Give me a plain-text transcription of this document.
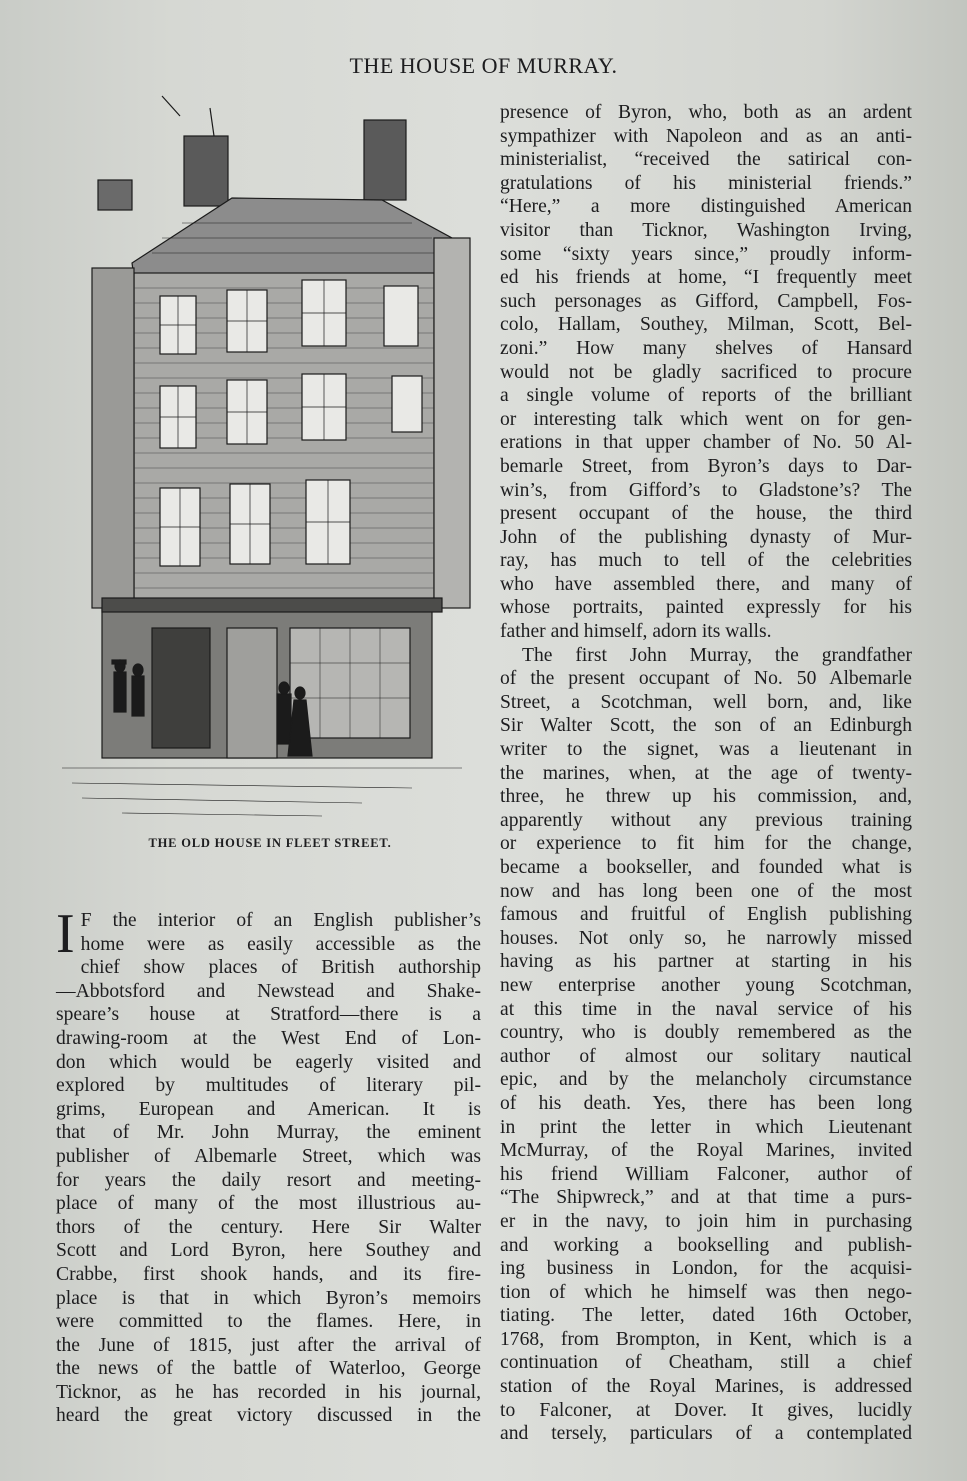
THE HOUSE OF MURRAY.
THE OLD HOUSE IN FLEET STREET.
I F the interior of an English publisher’s
home were as easily accessible as the
chief show places of British authorship
—Abbotsford and Newstead and Shake-
speare’s house at Stratford—there is a
drawing-room at the West End of Lon-
don which would be eagerly visited and
explored by multitudes of literary pil-
grims, European and American. It is
that of Mr. John Murray, the eminent
publisher of Albemarle Street, which was
for years the daily resort and meeting-
place of many of the most illustrious au-
thors of the century. Here Sir Walter
Scott and Lord Byron, here Southey and
Crabbe, first shook hands, and its fire-
place is that in which Byron’s memoirs
were committed to the flames. Here, in
the June of 1815, just after the arrival of
the news of the battle of Waterloo, George
Ticknor, as he has recorded in his journal,
heard the great victory discussed in the
presence of Byron, who, both as an ardent
sympathizer with Napoleon and as an anti-
ministerialist, “received the satirical con-
gratulations of his ministerial friends.”
“Here,” a more distinguished American
visitor than Ticknor, Washington Irving,
some “sixty years since,” proudly inform-
ed his friends at home, “I frequently meet
such personages as Gifford, Campbell, Fos-
colo, Hallam, Southey, Milman, Scott, Bel-
zoni.” How many shelves of Hansard
would not be gladly sacrificed to procure
a single volume of reports of the brilliant
or interesting talk which went on for gen-
erations in that upper chamber of No. 50 Al-
bemarle Street, from Byron’s days to Dar-
win’s, from Gifford’s to Gladstone’s? The
present occupant of the house, the third
John of the publishing dynasty of Mur-
ray, has much to tell of the celebrities
who have assembled there, and many of
whose portraits, painted expressly for his
father and himself, adorn its walls.
The first John Murray, the grandfather
of the present occupant of No. 50 Albemarle
Street, a Scotchman, well born, and, like
Sir Walter Scott, the son of an Edinburgh
writer to the signet, was a lieutenant in
the marines, when, at the age of twenty-
three, he threw up his commission, and,
apparently without any previous training
or experience to fit him for the change,
became a bookseller, and founded what is
now and has long been one of the most
famous and fruitful of English publishing
houses. Not only so, he narrowly missed
having as his partner at starting in his
new enterprise another young Scotchman,
at this time in the naval service of his
country, who is doubly remembered as the
author of almost our solitary nautical
epic, and by the melancholy circumstance
of his death. Yes, there has been long
in print the letter in which Lieutenant
McMurray, of the Royal Marines, invited
his friend William Falconer, author of
“The Shipwreck,” and at that time a purs-
er in the navy, to join him in purchasing
and working a bookselling and publish-
ing business in London, for the acquisi-
tion of which he himself was then nego-
tiating. The letter, dated 16th October,
1768, from Brompton, in Kent, which is a
continuation of Cheatham, still a chief
station of the Royal Marines, is addressed
to Falconer, at Dover. It gives, lucidly
and tersely, particulars of a contemplated
